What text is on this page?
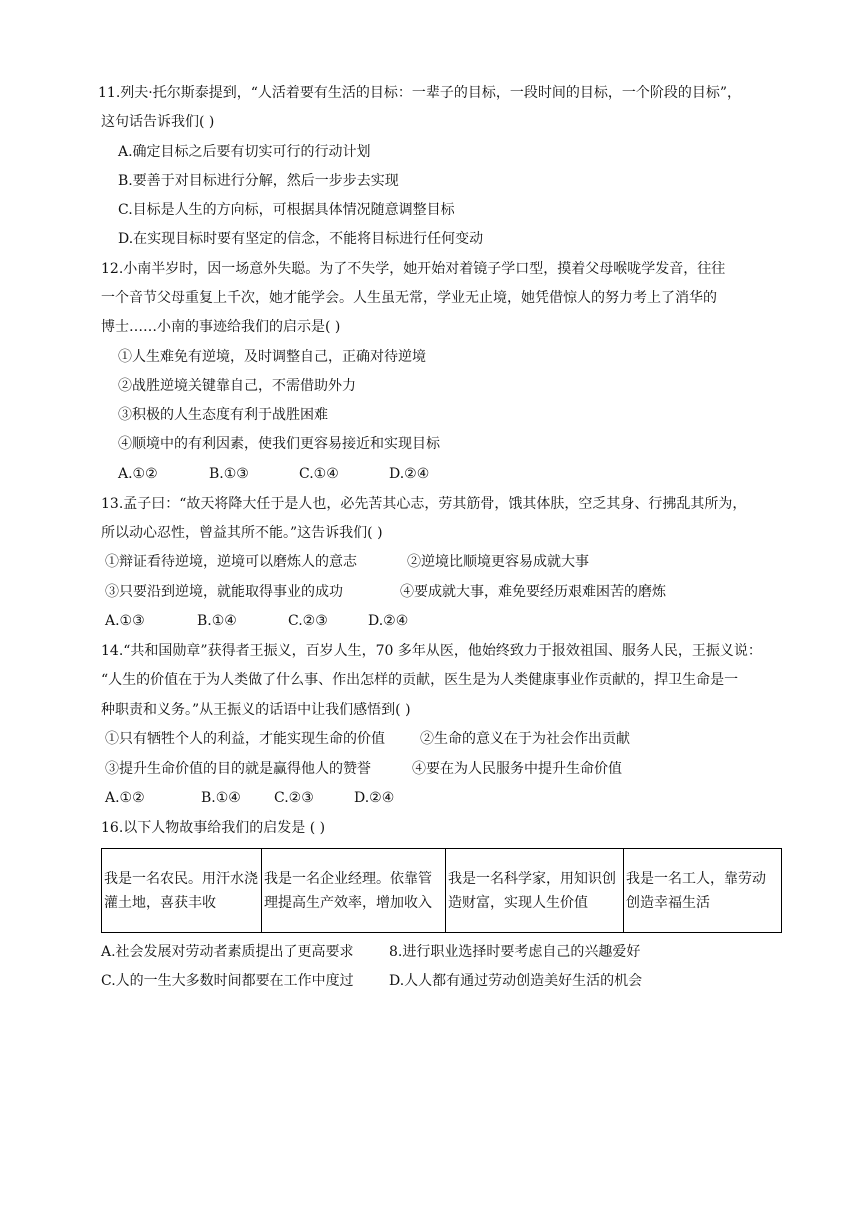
11.列夫·托尔斯泰提到，“人活着要有生活的目标：一辈子的目标，一段时间的目标，一个阶段的目标”，
这句话告诉我们( )
A.确定目标之后要有切实可行的行动计划
B.要善于对目标进行分解，然后一步步去实现
C.目标是人生的方向标，可根据具体情况随意调整目标
D.在实现目标时要有坚定的信念，不能将目标进行任何变动
12.小南半岁时，因一场意外失聪。为了不失学，她开始对着镜子学口型，摸着父母喉咙学发音，往往
一个音节父母重复上千次，她才能学会。人生虽无常，学业无止境，她凭借惊人的努力考上了消华的
博士……小南的事迹给我们的启示是( )
①人生难免有逆境，及时调整自己，正确对待逆境
②战胜逆境关键靠自己，不需借助外力
③积极的人生态度有利于战胜困难
④顺境中的有利因素，使我们更容易接近和实现目标
A.①②	B.①③	C.①④	D.②④
13.孟子曰：“故天将降大任于是人也，必先苦其心志，劳其筋骨，饿其体肤，空乏其身、行拂乱其所为，
所以动心忍性，曾益其所不能。”这告诉我们( )
①辩证看待逆境，逆境可以磨炼人的意志	②逆境比顺境更容易成就大事
③只要沿到逆境，就能取得事业的成功	④要成就大事，难免要经历艰难困苦的磨炼
A.①③	B.①④	C.②③	D.②④
14.“共和国勋章”获得者王振义，百岁人生，70 多年从医，他始终致力于报效祖国、服务人民，王振义说：
“人生的价值在于为人类做了什么事、作出怎样的贡献，医生是为人类健康事业作贡献的，捍卫生命是一
种职责和义务。”从王振义的话语中让我们感悟到( )
①只有牺牲个人的利益，才能实现生命的价值	②生命的意义在于为社会作出贡献
③提升生命价值的目的就是赢得他人的赞誉	④要在为人民服务中提升生命价值
A.①②	B.①④ C.②③	D.②④
16.以下人物故事给我们的启发是 ( )
我是一名农民。用汗水浇灌土地，喜获丰收	我是一名企业经理。依靠管理提高生产效率，增加收入	我是一名科学家，用知识创造财富，实现人生价值	我是一名工人，靠劳动创造幸福生活
A.社会发展对劳动者素质提出了更高要求	8.进行职业选择时要考虑自己的兴趣爱好
C.人的一生大多数时间都要在工作中度过	D.人人都有通过劳动创造美好生活的机会
